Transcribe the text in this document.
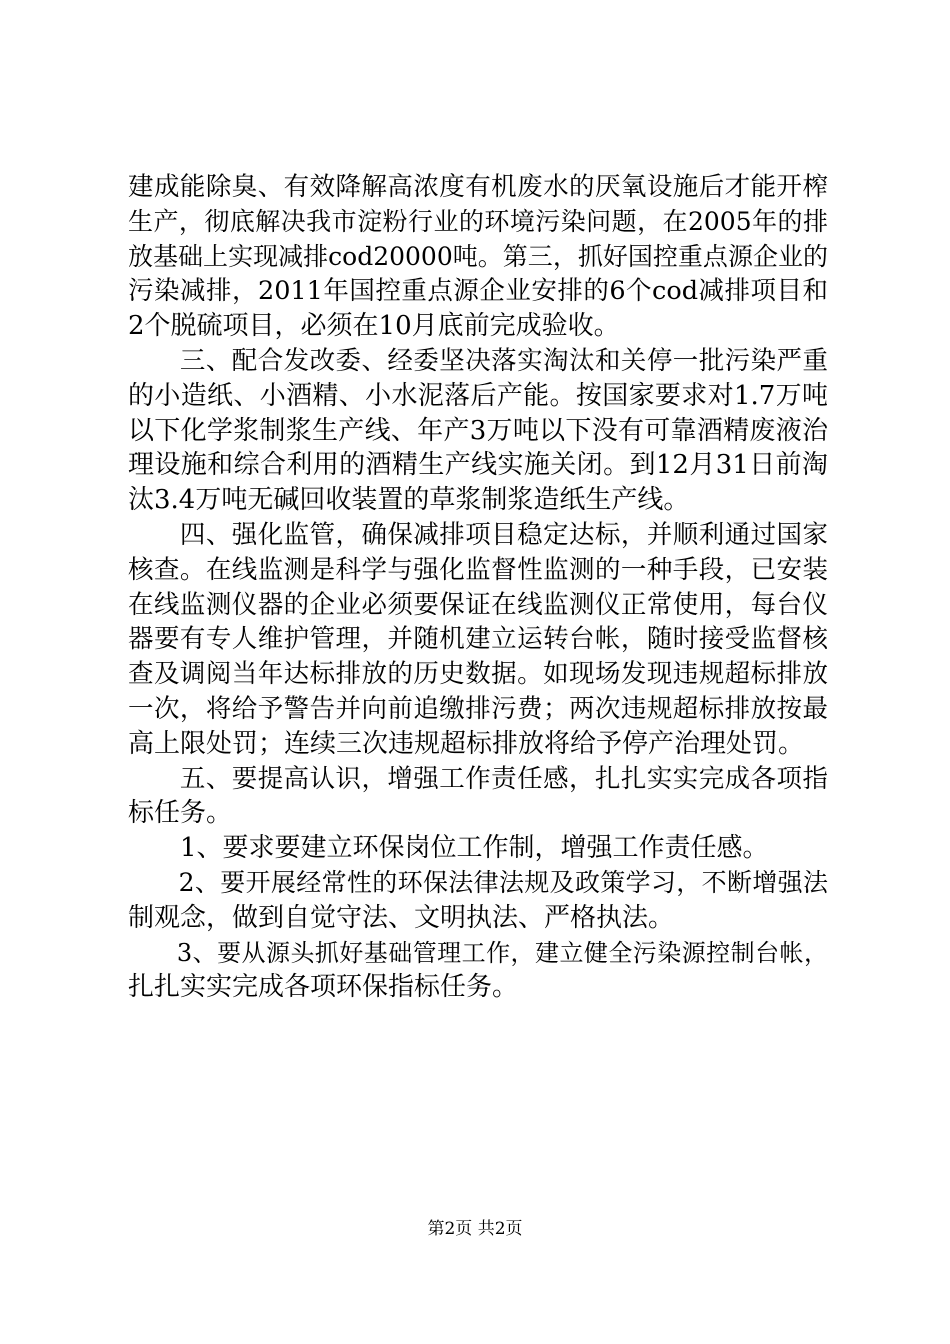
建成能除臭、有效降解高浓度有机废水的厌氧设施后才能开榨
生产，彻底解决我市淀粉行业的环境污染问题，在2005年的排
放基础上实现减排cod20000吨。第三，抓好国控重点源企业的
污染减排，2011年国控重点源企业安排的6个cod减排项目和
2个脱硫项目，必须在10月底前完成验收。
　　三、配合发改委、经委坚决落实淘汰和关停一批污染严重
的小造纸、小酒精、小水泥落后产能。按国家要求对1.7万吨
以下化学浆制浆生产线、年产3万吨以下没有可靠酒精废液治
理设施和综合利用的酒精生产线实施关闭。到12月31日前淘
汰3.4万吨无碱回收装置的草浆制浆造纸生产线。
　　四、强化监管，确保减排项目稳定达标，并顺利通过国家
核查。在线监测是科学与强化监督性监测的一种手段，已安装
在线监测仪器的企业必须要保证在线监测仪正常使用，每台仪
器要有专人维护管理，并随机建立运转台帐，随时接受监督核
查及调阅当年达标排放的历史数据。如现场发现违规超标排放
一次，将给予警告并向前追缴排污费；两次违规超标排放按最
高上限处罚；连续三次违规超标排放将给予停产治理处罚。
　　五、要提高认识，增强工作责任感，扎扎实实完成各项指
标任务。
　　1、要求要建立环保岗位工作制，增强工作责任感。
　　2、要开展经常性的环保法律法规及政策学习，不断增强法
制观念，做到自觉守法、文明执法、严格执法。
　　3、要从源头抓好基础管理工作，建立健全污染源控制台帐，
扎扎实实完成各项环保指标任务。
第2页 共2页
